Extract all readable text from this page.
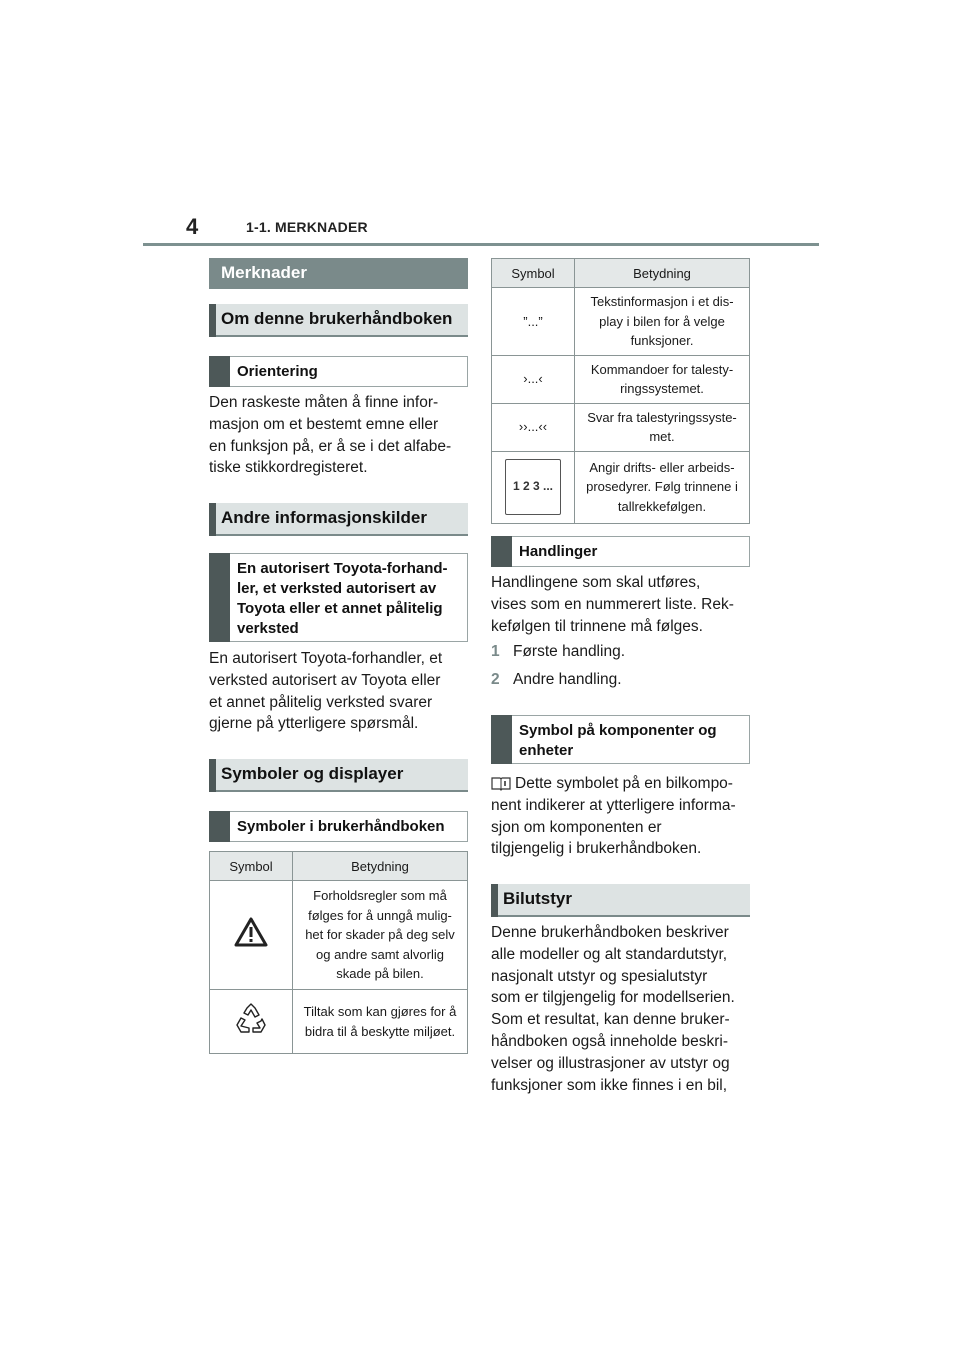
4	1-1. MERKNADER
Merknader
Om denne brukerhåndboken
Orientering
Den raskeste måten å finne infor-
masjon om et bestemt emne eller
en funksjon på, er å se i det alfabe-
tiske stikkordregisteret.
Andre informasjonskilder
En autorisert Toyota-forhand-
ler, et verksted autorisert av
Toyota eller et annet pålitelig
verksted
En autorisert Toyota-forhandler, et
verksted autorisert av Toyota eller
et annet pålitelig verksted svarer
gjerne på ytterligere spørsmål.
Symboler og displayer
Symboler i brukerhåndboken
Symbol	Betydning

Forholdsregler som må
følges for å unngå mulig-
het for skader på deg selv
og andre samt alvorlig
skade på bilen.

Tiltak som kan gjøres for å
bidra til å beskytte miljøet.
Symbol	Betydning
”...”	Tekstinformasjon i et dis-
play i bilen for å velge
funksjoner.

›...‹	Kommandoer for talesty-
ringssystemet.

››...‹‹	Svar fra talestyringssyste-
met.

1 2 3 ...	Angir drifts- eller arbeids-
prosedyrer. Følg trinnene i
tallrekkefølgen.
Handlinger
Handlingene som skal utføres,
vises som en nummerert liste. Rek-
kefølgen til trinnene må følges.
1 Første handling.
2 Andre handling.
Symbol på komponenter og
enheter
Dette symbolet på en bilkompo-
nent indikerer at ytterligere informa-
sjon om komponenten er
tilgjengelig i brukerhåndboken.
Bilutstyr
Denne brukerhåndboken beskriver
alle modeller og alt standardutstyr,
nasjonalt utstyr og spesialutstyr
som er tilgjengelig for modellserien.
Som et resultat, kan denne bruker-
håndboken også inneholde beskri-
velser og illustrasjoner av utstyr og
funksjoner som ikke finnes i en bil,
